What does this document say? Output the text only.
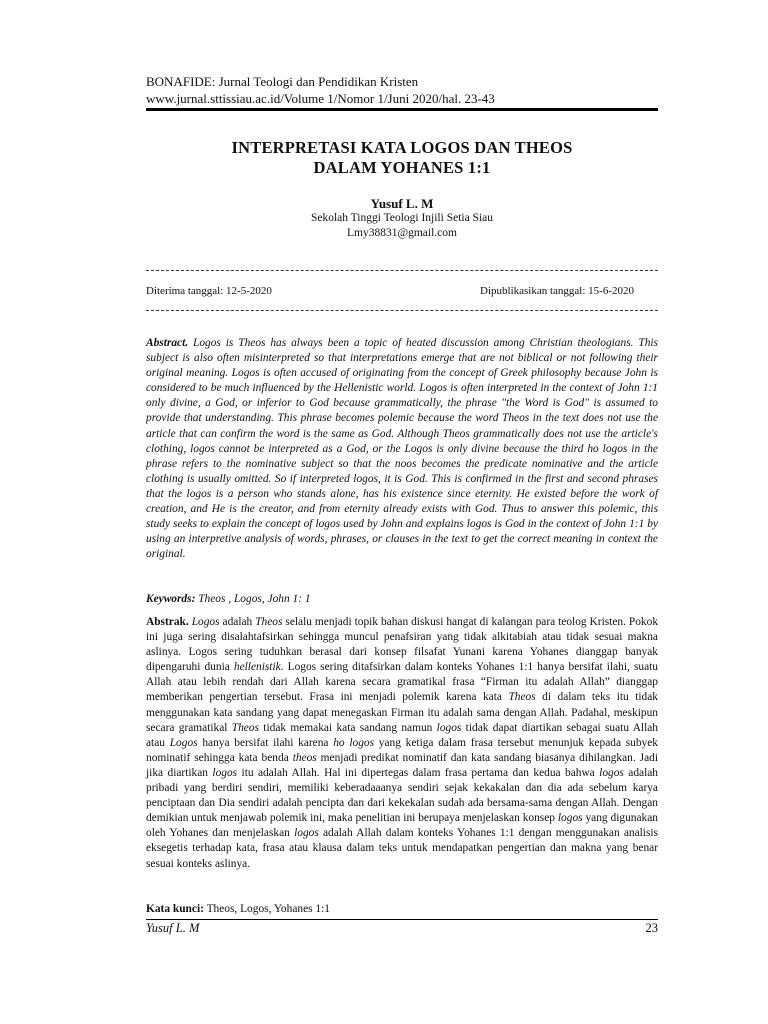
BONAFIDE: Jurnal Teologi dan Pendidikan Kristen
www.jurnal.sttissiau.ac.id/Volume 1/Nomor 1/Juni 2020/hal. 23-43
INTERPRETASI KATA LOGOS DAN THEOS
DALAM YOHANES 1:1
Yusuf L. M
Sekolah Tinggi Teologi Injili Setia Siau
Lmy38831@gmail.com
Diterima tanggal: 12-5-2020	Dipublikasikan tanggal: 15-6-2020
Abstract. Logos is Theos has always been a topic of heated discussion among Christian theologians. This subject is also often misinterpreted so that interpretations emerge that are not biblical or not following their original meaning. Logos is often accused of originating from the concept of Greek philosophy because John is considered to be much influenced by the Hellenistic world. Logos is often interpreted in the context of John 1:1 only divine, a God, or inferior to God because grammatically, the phrase "the Word is God" is assumed to provide that understanding. This phrase becomes polemic because the word Theos in the text does not use the article that can confirm the word is the same as God. Although Theos grammatically does not use the article's clothing, logos cannot be interpreted as a God, or the Logos is only divine because the third ho logos in the phrase refers to the nominative subject so that the noos becomes the predicate nominative and the article clothing is usually omitted. So if interpreted logos, it is God. This is confirmed in the first and second phrases that the logos is a person who stands alone, has his existence since eternity. He existed before the work of creation, and He is the creator, and from eternity already exists with God. Thus to answer this polemic, this study seeks to explain the concept of logos used by John and explains logos is God in the context of John 1:1 by using an interpretive analysis of words, phrases, or clauses in the text to get the correct meaning in context the original.
Keywords: Theos , Logos, John 1: 1
Abstrak. Logos adalah Theos selalu menjadi topik bahan diskusi hangat di kalangan para teolog Kristen. Pokok ini juga sering disalahtafsirkan sehingga muncul penafsiran yang tidak alkitabiah atau tidak sesuai makna aslinya. Logos sering tuduhkan berasal dari konsep filsafat Yunani karena Yohanes dianggap banyak dipengaruhi dunia hellenistik. Logos sering ditafsirkan dalam konteks Yohanes 1:1 hanya bersifat ilahi, suatu Allah atau lebih rendah dari Allah karena secara gramatikal frasa “Firman itu adalah Allah” dianggap memberikan pengertian tersebut. Frasa ini menjadi polemik karena kata Theos di dalam teks itu tidak menggunakan kata sandang yang dapat menegaskan Firman itu adalah sama dengan Allah. Padahal, meskipun secara gramatikal Theos tidak memakai kata sandang namun logos tidak dapat diartikan sebagai suatu Allah atau Logos hanya bersifat ilahi karena ho logos yang ketiga dalam frasa tersebut menunjuk kepada subyek nominatif sehingga kata benda theos menjadi predikat nominatif dan kata sandang biasanya dihilangkan. Jadi jika diartikan logos itu adalah Allah. Hal ini dipertegas dalam frasa pertama dan kedua bahwa logos adalah pribadi yang berdiri sendiri, memiliki keberadaaanya sendiri sejak kekakalan dan dia ada sebelum karya penciptaan dan Dia sendiri adalah pencipta dan dari kekekalan sudah ada bersama-sama dengan Allah. Dengan demikian untuk menjawab polemik ini, maka penelitian ini berupaya menjelaskan konsep logos yang digunakan oleh Yohanes dan menjelaskan logos adalah Allah dalam konteks Yohanes 1:1 dengan menggunakan analisis eksegetis terhadap kata, frasa atau klausa dalam teks untuk mendapatkan pengertian dan makna yang benar sesuai konteks aslinya.
Kata kunci: Theos, Logos, Yohanes 1:1
Yusuf L. M	23
